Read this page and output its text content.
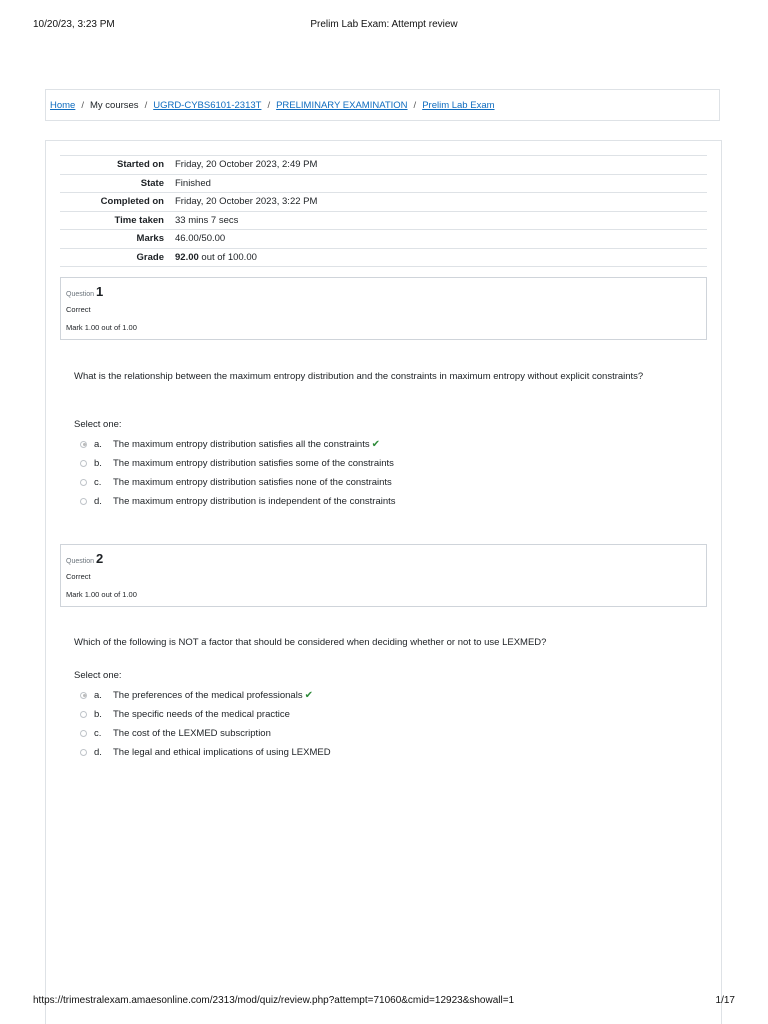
10/20/23, 3:23 PM	Prelim Lab Exam: Attempt review
Home / My courses / UGRD-CYBS6101-2313T / PRELIMINARY EXAMINATION / Prelim Lab Exam
Started on	Friday, 20 October 2023, 2:49 PM
State	Finished
Completed on	Friday, 20 October 2023, 3:22 PM
Time taken	33 mins 7 secs
Marks	46.00/50.00
Grade	92.00 out of 100.00
Question 1
Correct
Mark 1.00 out of 1.00
What is the relationship between the maximum entropy distribution and the constraints in maximum entropy without explicit constraints?
Select one:
a.	The maximum entropy distribution satisfies all the constraints ✔
b.	The maximum entropy distribution satisfies some of the constraints
c.	The maximum entropy distribution satisfies none of the constraints
d.	The maximum entropy distribution is independent of the constraints
Question 2
Correct
Mark 1.00 out of 1.00
Which of the following is NOT a factor that should be considered when deciding whether or not to use LEXMED?
Select one:
a.	The preferences of the medical professionals ✔
b.	The specific needs of the medical practice
c.	The cost of the LEXMED subscription
d.	The legal and ethical implications of using LEXMED
https://trimestralexam.amaesonline.com/2313/mod/quiz/review.php?attempt=71060&cmid=12923&showall=1	1/17
